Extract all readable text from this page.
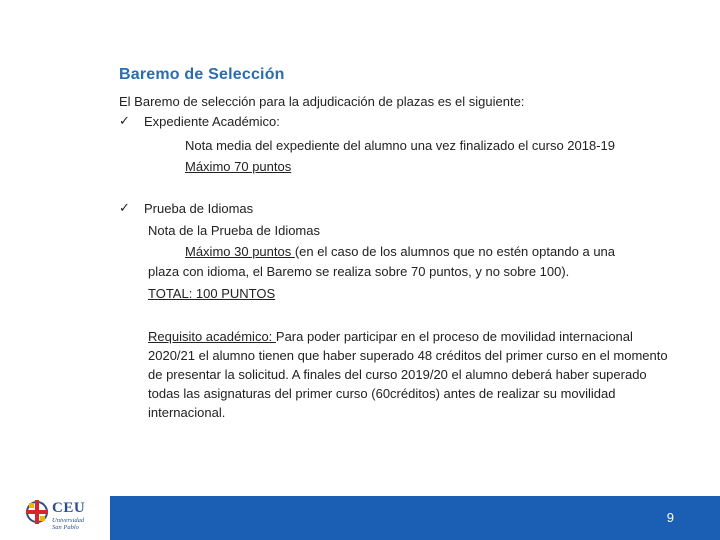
Baremo de Selección
El Baremo de selección para la adjudicación de plazas es el siguiente:
✓ Expediente Académico:
Nota media del expediente del alumno una vez finalizado el curso 2018-19
Máximo 70 puntos
✓ Prueba de Idiomas
Nota de la Prueba de Idiomas
Máximo 30 puntos (en el caso de los alumnos que no estén optando a una
plaza con idioma, el Baremo se realiza sobre 70 puntos, y no sobre 100).
TOTAL: 100 PUNTOS
Requisito académico: Para poder participar en el proceso de movilidad internacional 2020/21 el alumno tienen que haber superado 48 créditos del primer curso en el momento de presentar la solicitud. A finales del curso 2019/20 el alumno deberá haber superado todas las asignaturas del primer curso (60créditos) antes de realizar su movilidad internacional.
CEU
Universidad
San Pablo
9
